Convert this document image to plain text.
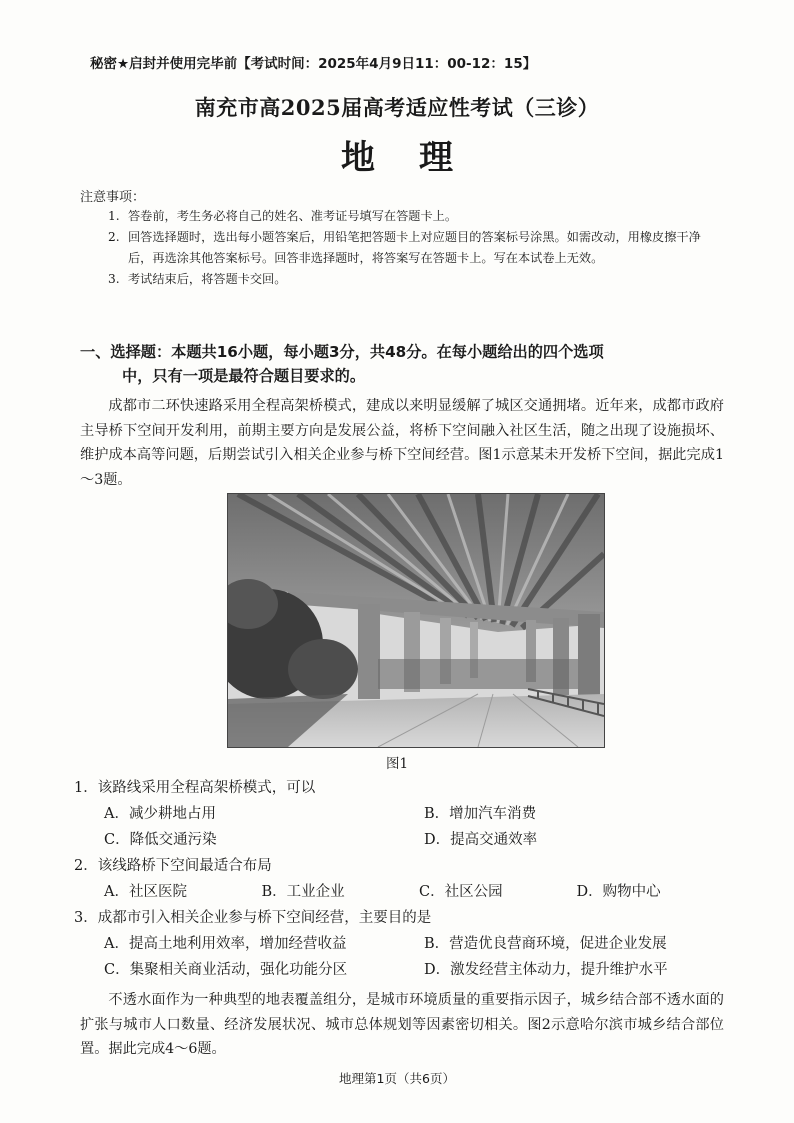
秘密★启封并使用完毕前【考试时间：2025年4月9日11：00-12：15】
南充市高2025届高考适应性考试（三诊）
地 理
注意事项：
1. 答卷前，考生务必将自己的姓名、准考证号填写在答题卡上。
2. 回答选择题时，选出每小题答案后，用铅笔把答题卡上对应题目的答案标号涂黑。如需改动，用橡皮擦干净后，再选涂其他答案标号。回答非选择题时，将答案写在答题卡上。写在本试卷上无效。
3. 考试结束后，将答题卡交回。
一、选择题：本题共16小题，每小题3分，共48分。在每小题给出的四个选项
中，只有一项是最符合题目要求的。
成都市二环快速路采用全程高架桥模式，建成以来明显缓解了城区交通拥堵。近年来，成都市政府主导桥下空间开发利用，前期主要方向是发展公益，将桥下空间融入社区生活，随之出现了设施损坏、维护成本高等问题，后期尝试引入相关企业参与桥下空间经营。图1示意某未开发桥下空间，据此完成1～3题。
图1
1．该路线采用全程高架桥模式，可以
A．减少耕地占用	B．增加汽车消费
C．降低交通污染	D．提高交通效率
2．该线路桥下空间最适合布局
A．社区医院	B．工业企业	C．社区公园	D．购物中心
3．成都市引入相关企业参与桥下空间经营，主要目的是
A．提高土地利用效率，增加经营收益	B．营造优良营商环境，促进企业发展
C．集聚相关商业活动，强化功能分区	D．激发经营主体动力，提升维护水平
不透水面作为一种典型的地表覆盖组分，是城市环境质量的重要指示因子，城乡结合部不透水面的扩张与城市人口数量、经济发展状况、城市总体规划等因素密切相关。图2示意哈尔滨市城乡结合部位置。据此完成4～6题。
地理第1页（共6页）
